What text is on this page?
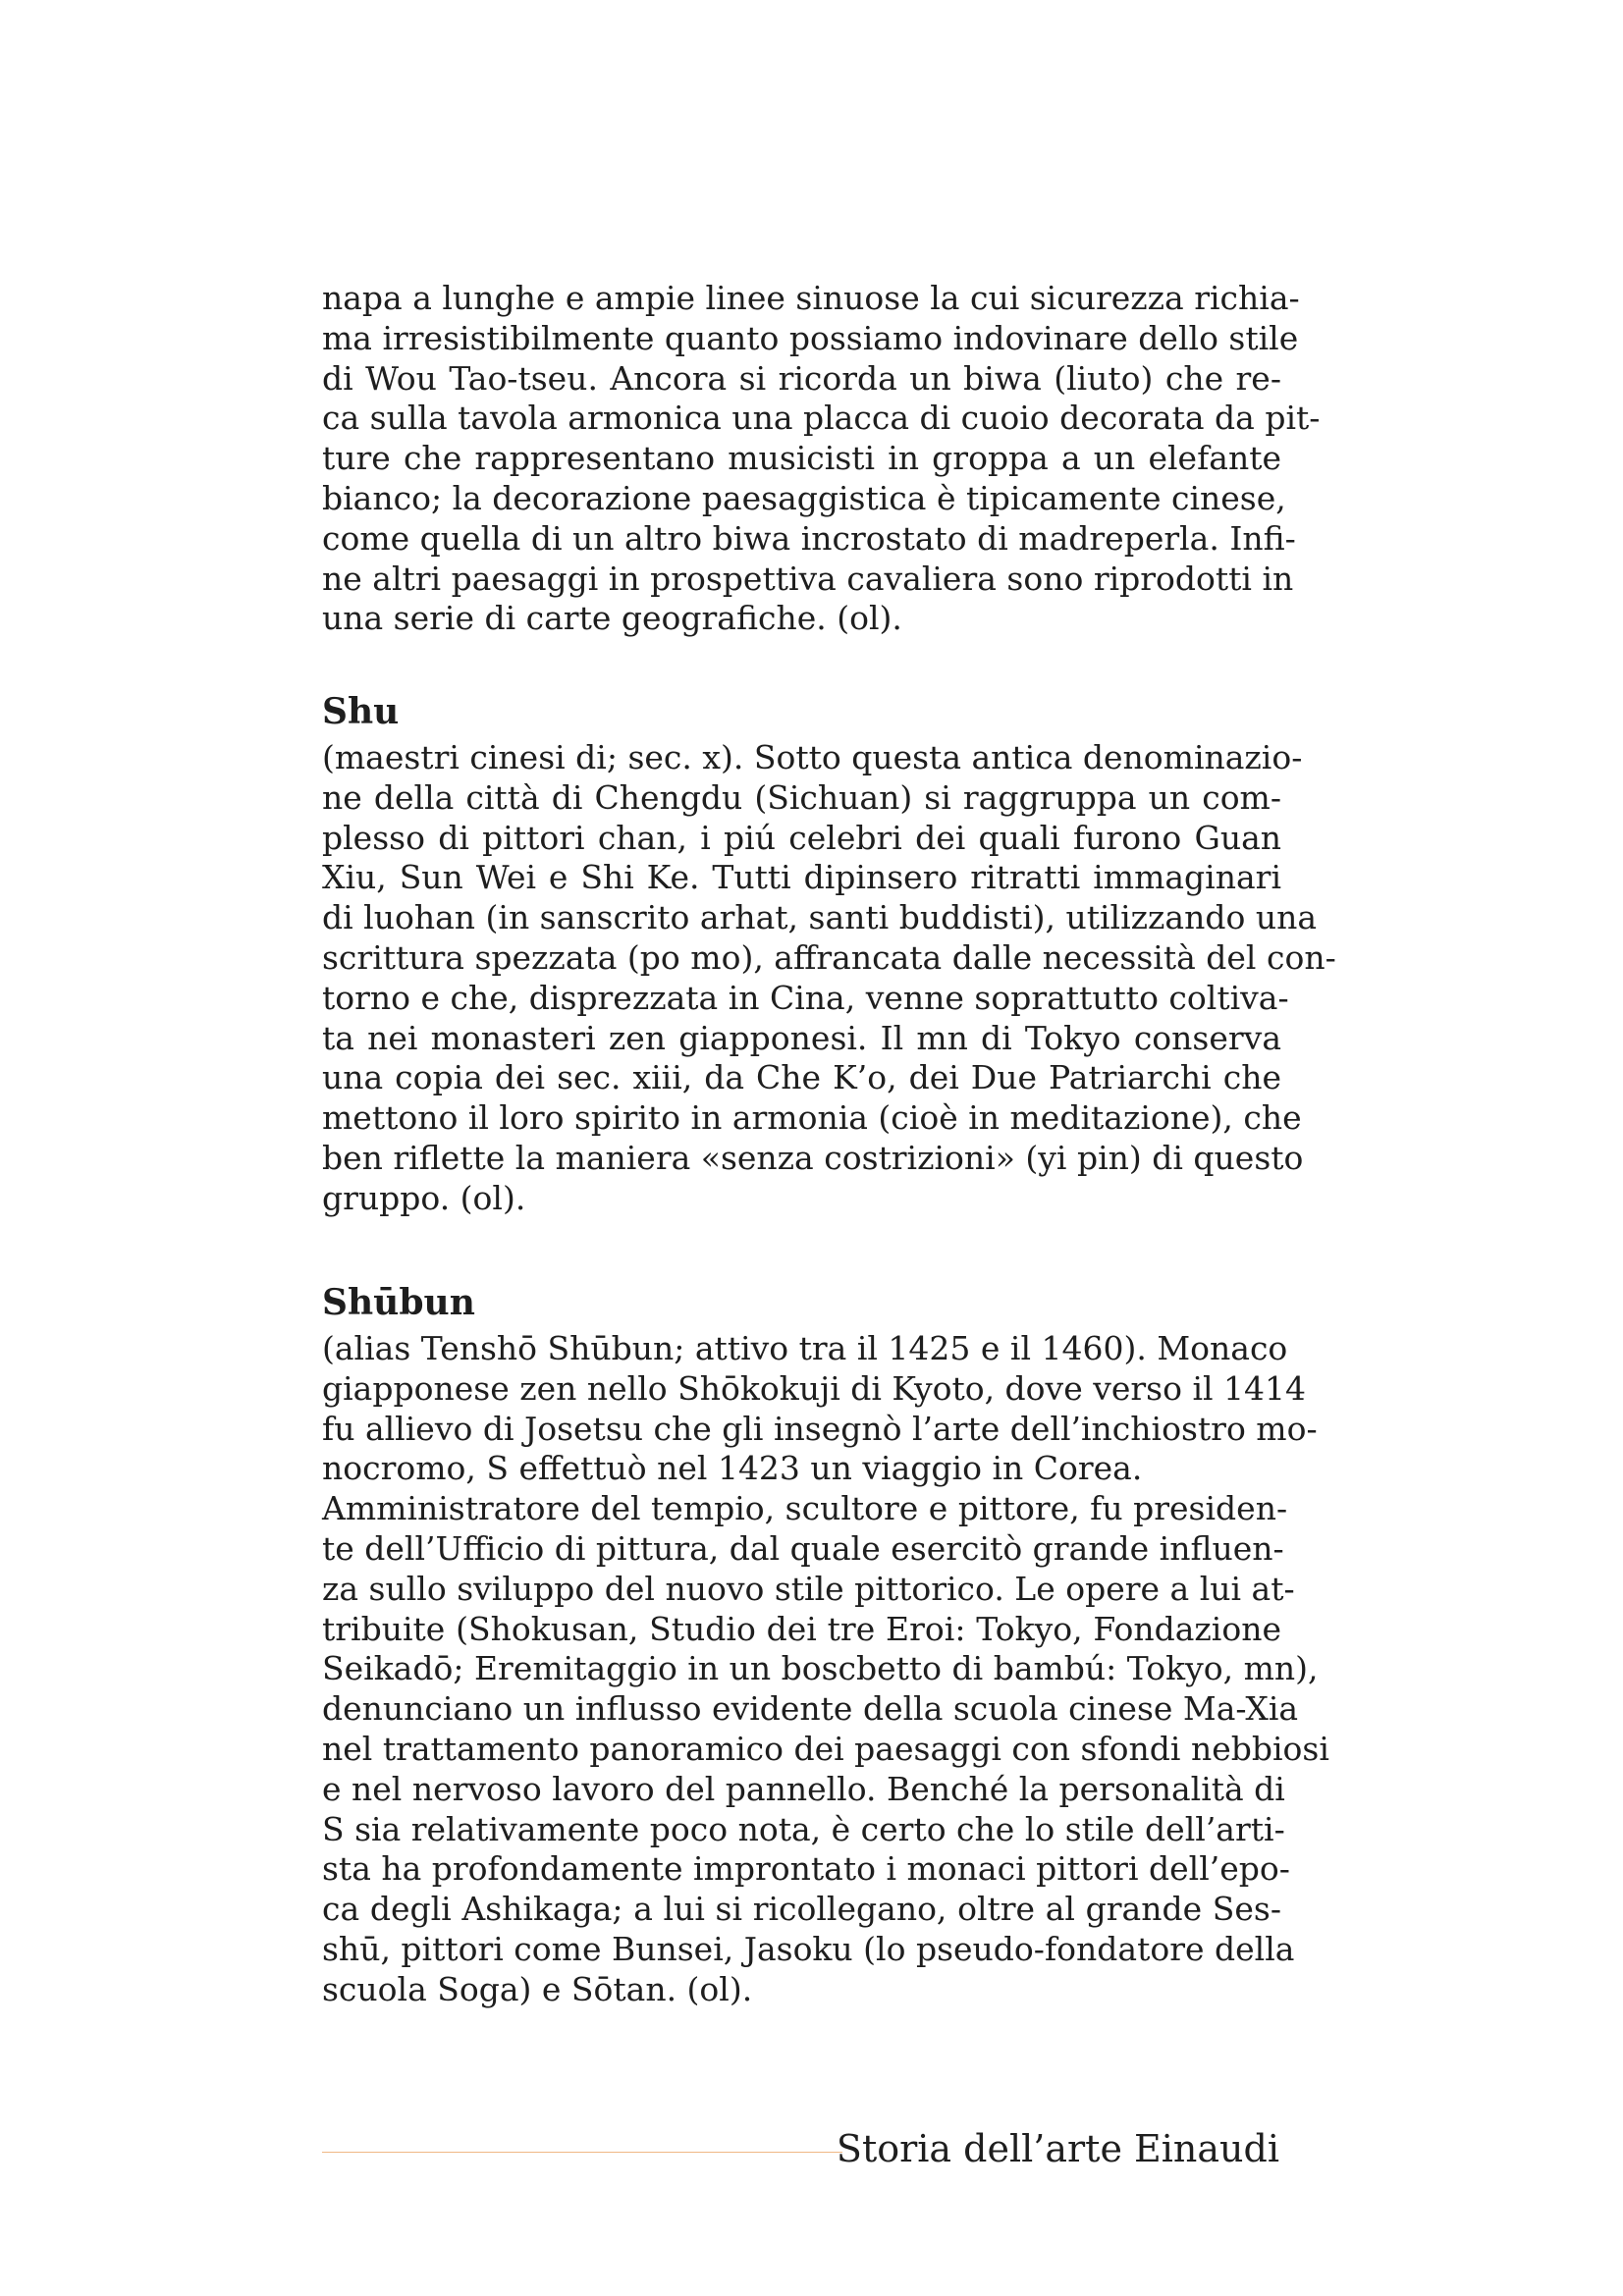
napa a lunghe e ampie linee sinuose la cui sicurezza richia-
ma irresistibilmente quanto possiamo indovinare dello stile
di Wou Tao-tseu. Ancora si ricorda un biwa (liuto) che re-
ca sulla tavola armonica una placca di cuoio decorata da pit-
ture che rappresentano musicisti in groppa a un elefante
bianco; la decorazione paesaggistica è tipicamente cinese,
come quella di un altro biwa incrostato di madreperla. Infi-
ne altri paesaggi in prospettiva cavaliera sono riprodotti in
una serie di carte geografiche. (ol).
Shu
(maestri cinesi di; sec. x). Sotto questa antica denominazio-
ne della città di Chengdu (Sichuan) si raggruppa un com-
plesso di pittori chan, i piú celebri dei quali furono Guan
Xiu, Sun Wei e Shi Ke. Tutti dipinsero ritratti immaginari
di luohan (in sanscrito arhat, santi buddisti), utilizzando una
scrittura spezzata (po mo), affrancata dalle necessità del con-
torno e che, disprezzata in Cina, venne soprattutto coltiva-
ta nei monasteri zen giapponesi. Il mn di Tokyo conserva
una copia dei sec. xiii, da Che K’o, dei Due Patriarchi che
mettono il loro spirito in armonia (cioè in meditazione), che
ben riflette la maniera «senza costrizioni» (yi pin) di questo
gruppo. (ol).
Shūbun
(alias Tenshō Shūbun; attivo tra il 1425 e il 1460). Monaco
giapponese zen nello Shōkokuji di Kyoto, dove verso il 1414
fu allievo di Josetsu che gli insegnò l’arte dell’inchiostro mo-
nocromo, S effettuò nel 1423 un viaggio in Corea.
Amministratore del tempio, scultore e pittore, fu presiden-
te dell’Ufficio di pittura, dal quale esercitò grande influen-
za sullo sviluppo del nuovo stile pittorico. Le opere a lui at-
tribuite (Shokusan, Studio dei tre Eroi: Tokyo, Fondazione
Seikadō; Eremitaggio in un boscbetto di bambú: Tokyo, mn),
denunciano un influsso evidente della scuola cinese Ma-Xia
nel trattamento panoramico dei paesaggi con sfondi nebbiosi
e nel nervoso lavoro del pannello. Benché la personalità di
S sia relativamente poco nota, è certo che lo stile dell’arti-
sta ha profondamente improntato i monaci pittori dell’epo-
ca degli Ashikaga; a lui si ricollegano, oltre al grande Ses-
shū, pittori come Bunsei, Jasoku (lo pseudo-fondatore della
scuola Soga) e Sōtan. (ol).
Storia dell’arte Einaudi
